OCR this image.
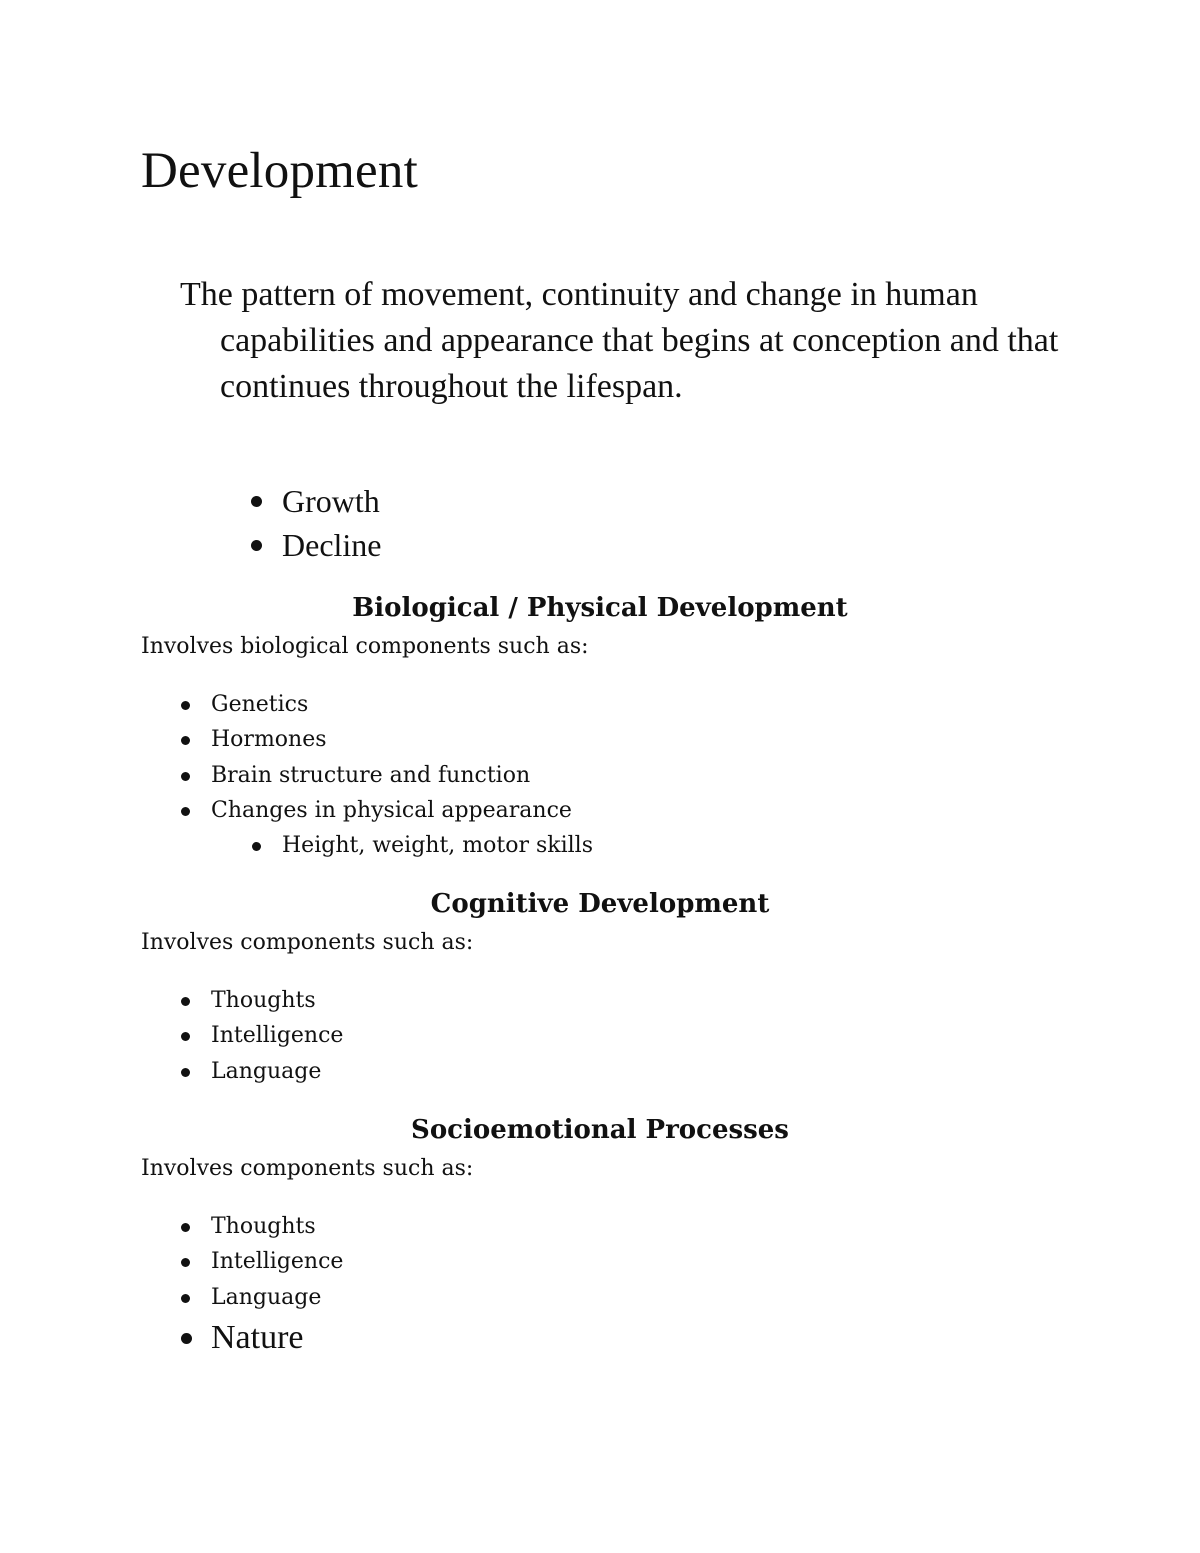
Development

The pattern of movement, continuity and change in human capabilities and appearance that begins at conception and that continues throughout the lifespan.

Growth
Decline
Biological / Physical Development

Involves biological components such as:

Genetics
Hormones
Brain structure and function
Changes in physical appearance
Height, weight, motor skills
Cognitive Development

Involves components such as:

Thoughts
Intelligence
Language
Socioemotional Processes

Involves components such as:

Thoughts
Intelligence
Language
Nature
